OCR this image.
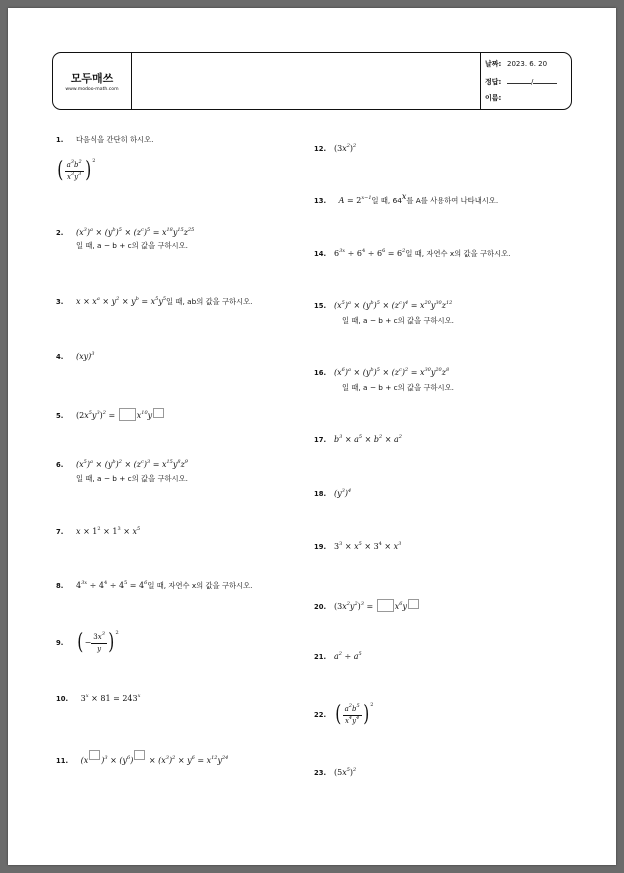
모두매쓰
www.modoo-math.com
날짜: 2023. 6. 20
정답:	/
이름:
1. 다음식을 간단히 하시오.
( $\frac{a^3b^2}{x^3y^3} )^2$
2. $(x^3)^a \times (y^b)^5 \times (z^c)^5 = x^{18}y^{15}z^{25}$
일 때, a − b + c의 값을 구하시오.
3. $x \times x^a \times y^2 \times y^b = x^5y^5$일 때, ab의 값을 구하시오.
4. (xy)$^3$
5. $(2x^5y^3)^2$ =	$x^{10}y$
6. $(x^5)^a \times (y^b)^2 \times (z^c)^3 = x^{15}y^8z^9$
일 때, a − b + c의 값을 구하시오.
7. $x \times 1^2 \times 1^3 \times x^5$
8. $4^{3x} \div 4^4 \div 4^5 = 4^6$일 때, 자연수 x의 값을 구하시오.
9. (− $\frac{3x^3}{y} )^2$
10. $3^x \times 81 = 243^x$
11. (x )$^3 \times (y^6) \times (x^3)^2 \times y^6 = x^{12}y^{24}$
12. $(3x^2)^2$
13. $A = 2^{x-1}$일 때, 64$^x$를 A를 사용하여 나타내시오.
14. $6^{3x} \div 6^4 \div 6^6 = 6^2$일 때, 자연수 x의 값을 구하시오.
15. $(x^5)^a \times (y^b)^5 \times (z^c)^4 = x^{20}y^{30}z^{12}$
일 때, a − b + c의 값을 구하시오.
16. $(x^6)^a \times (y^b)^5 \times (z^c)^2 = x^{30}y^{20}z^8$
일 때, a − b + c의 값을 구하시오.
17. $b^3 \times a^5 \times b^2 \times a^2$
18. $(y^3)^4$
19. $3^3 \times x^5 \times 3^4 \times x^3$
20. $(3x^2y^2)^3$ =	$x^6y$
21. $a^2 \div a^5$
22. ( $\frac{a^2b^5}{x^4y^4} )^2$
23. $(5x^5)^2$
